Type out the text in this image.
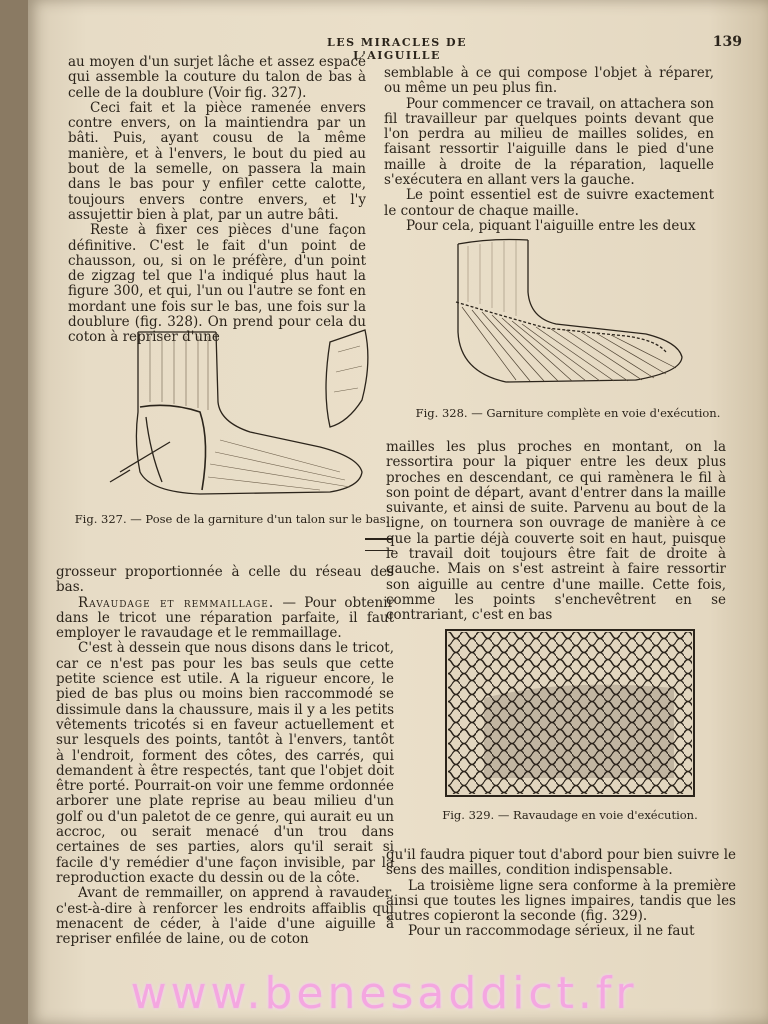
LES MIRACLES DE L'AIGUILLE
139

au moyen d'un surjet lâche et assez espacé qui assemble la couture du talon de bas à celle de la doublure (Voir fig. 327).

Ceci fait et la pièce ramenée envers contre envers, on la maintiendra par un bâti. Puis, ayant cousu de la même manière, et à l'envers, le bout du pied au bout de la semelle, on passera la main dans le bas pour y enfiler cette calotte, toujours envers contre envers, et l'y assujettir bien à plat, par un autre bâti.

Reste à fixer ces pièces d'une façon définitive. C'est le fait d'un point de chausson, ou, si on le préfère, d'un point de zigzag tel que l'a indiqué plus haut la figure 300, et qui, l'un ou l'autre se font en mordant une fois sur le bas, une fois sur la doublure (fig. 328). On prend pour cela du coton à repriser d'une

Fig. 327. — Pose de la garniture d'un talon sur le bas.

grosseur proportionnée à celle du réseau des bas.

Ravaudage et remmaillage. — Pour obtenir dans le tricot une réparation parfaite, il faut employer le ravaudage et le remmaillage.

C'est à dessein que nous disons dans le tricot, car ce n'est pas pour les bas seuls que cette petite science est utile. A la rigueur encore, le pied de bas plus ou moins bien raccommodé se dissimule dans la chaussure, mais il y a les petits vêtements tricotés si en faveur actuellement et sur lesquels des points, tantôt à l'envers, tantôt à l'endroit, forment des côtes, des carrés, qui demandent à être respectés, tant que l'objet doit être porté. Pourrait-on voir une femme ordonnée arborer une plate reprise au beau milieu d'un golf ou d'un paletot de ce genre, qui aurait eu un accroc, ou serait menacé d'un trou dans certaines de ses parties, alors qu'il serait si facile d'y remédier d'une façon invisible, par la reproduction exacte du dessin ou de la côte.

Avant de remmailler, on apprend à ravauder, c'est-à-dire à renforcer les endroits affaiblis qui menacent de céder, à l'aide d'une aiguille à repriser enfilée de laine, ou de coton

semblable à ce qui compose l'objet à réparer, ou même un peu plus fin.

Pour commencer ce travail, on attachera son fil travailleur par quelques points devant que l'on perdra au milieu de mailles solides, en faisant ressortir l'aiguille dans le pied d'une maille à droite de la réparation, laquelle s'exécutera en allant vers la gauche.

Le point essentiel est de suivre exactement le contour de chaque maille.

Pour cela, piquant l'aiguille entre les deux

Fig. 328. — Garniture complète en voie d'exécution.

mailles les plus proches en montant, on la ressortira pour la piquer entre les deux plus proches en descendant, ce qui ramènera le fil à son point de départ, avant d'entrer dans la maille suivante, et ainsi de suite. Parvenu au bout de la ligne, on tournera son ouvrage de manière à ce que la partie déjà couverte soit en haut, puisque le travail doit toujours être fait de droite à gauche. Mais on s'est astreint à faire ressortir son aiguille au centre d'une maille. Cette fois, comme les points s'enchevêtrent en se contrariant, c'est en bas

Fig. 329. — Ravaudage en voie d'exécution.

qu'il faudra piquer tout d'abord pour bien suivre le sens des mailles, condition indispensable.

La troisième ligne sera conforme à la première ainsi que toutes les lignes impaires, tandis que les autres copieront la seconde (fig. 329).

Pour un raccommodage sérieux, il ne faut

www.benesaddict.fr
